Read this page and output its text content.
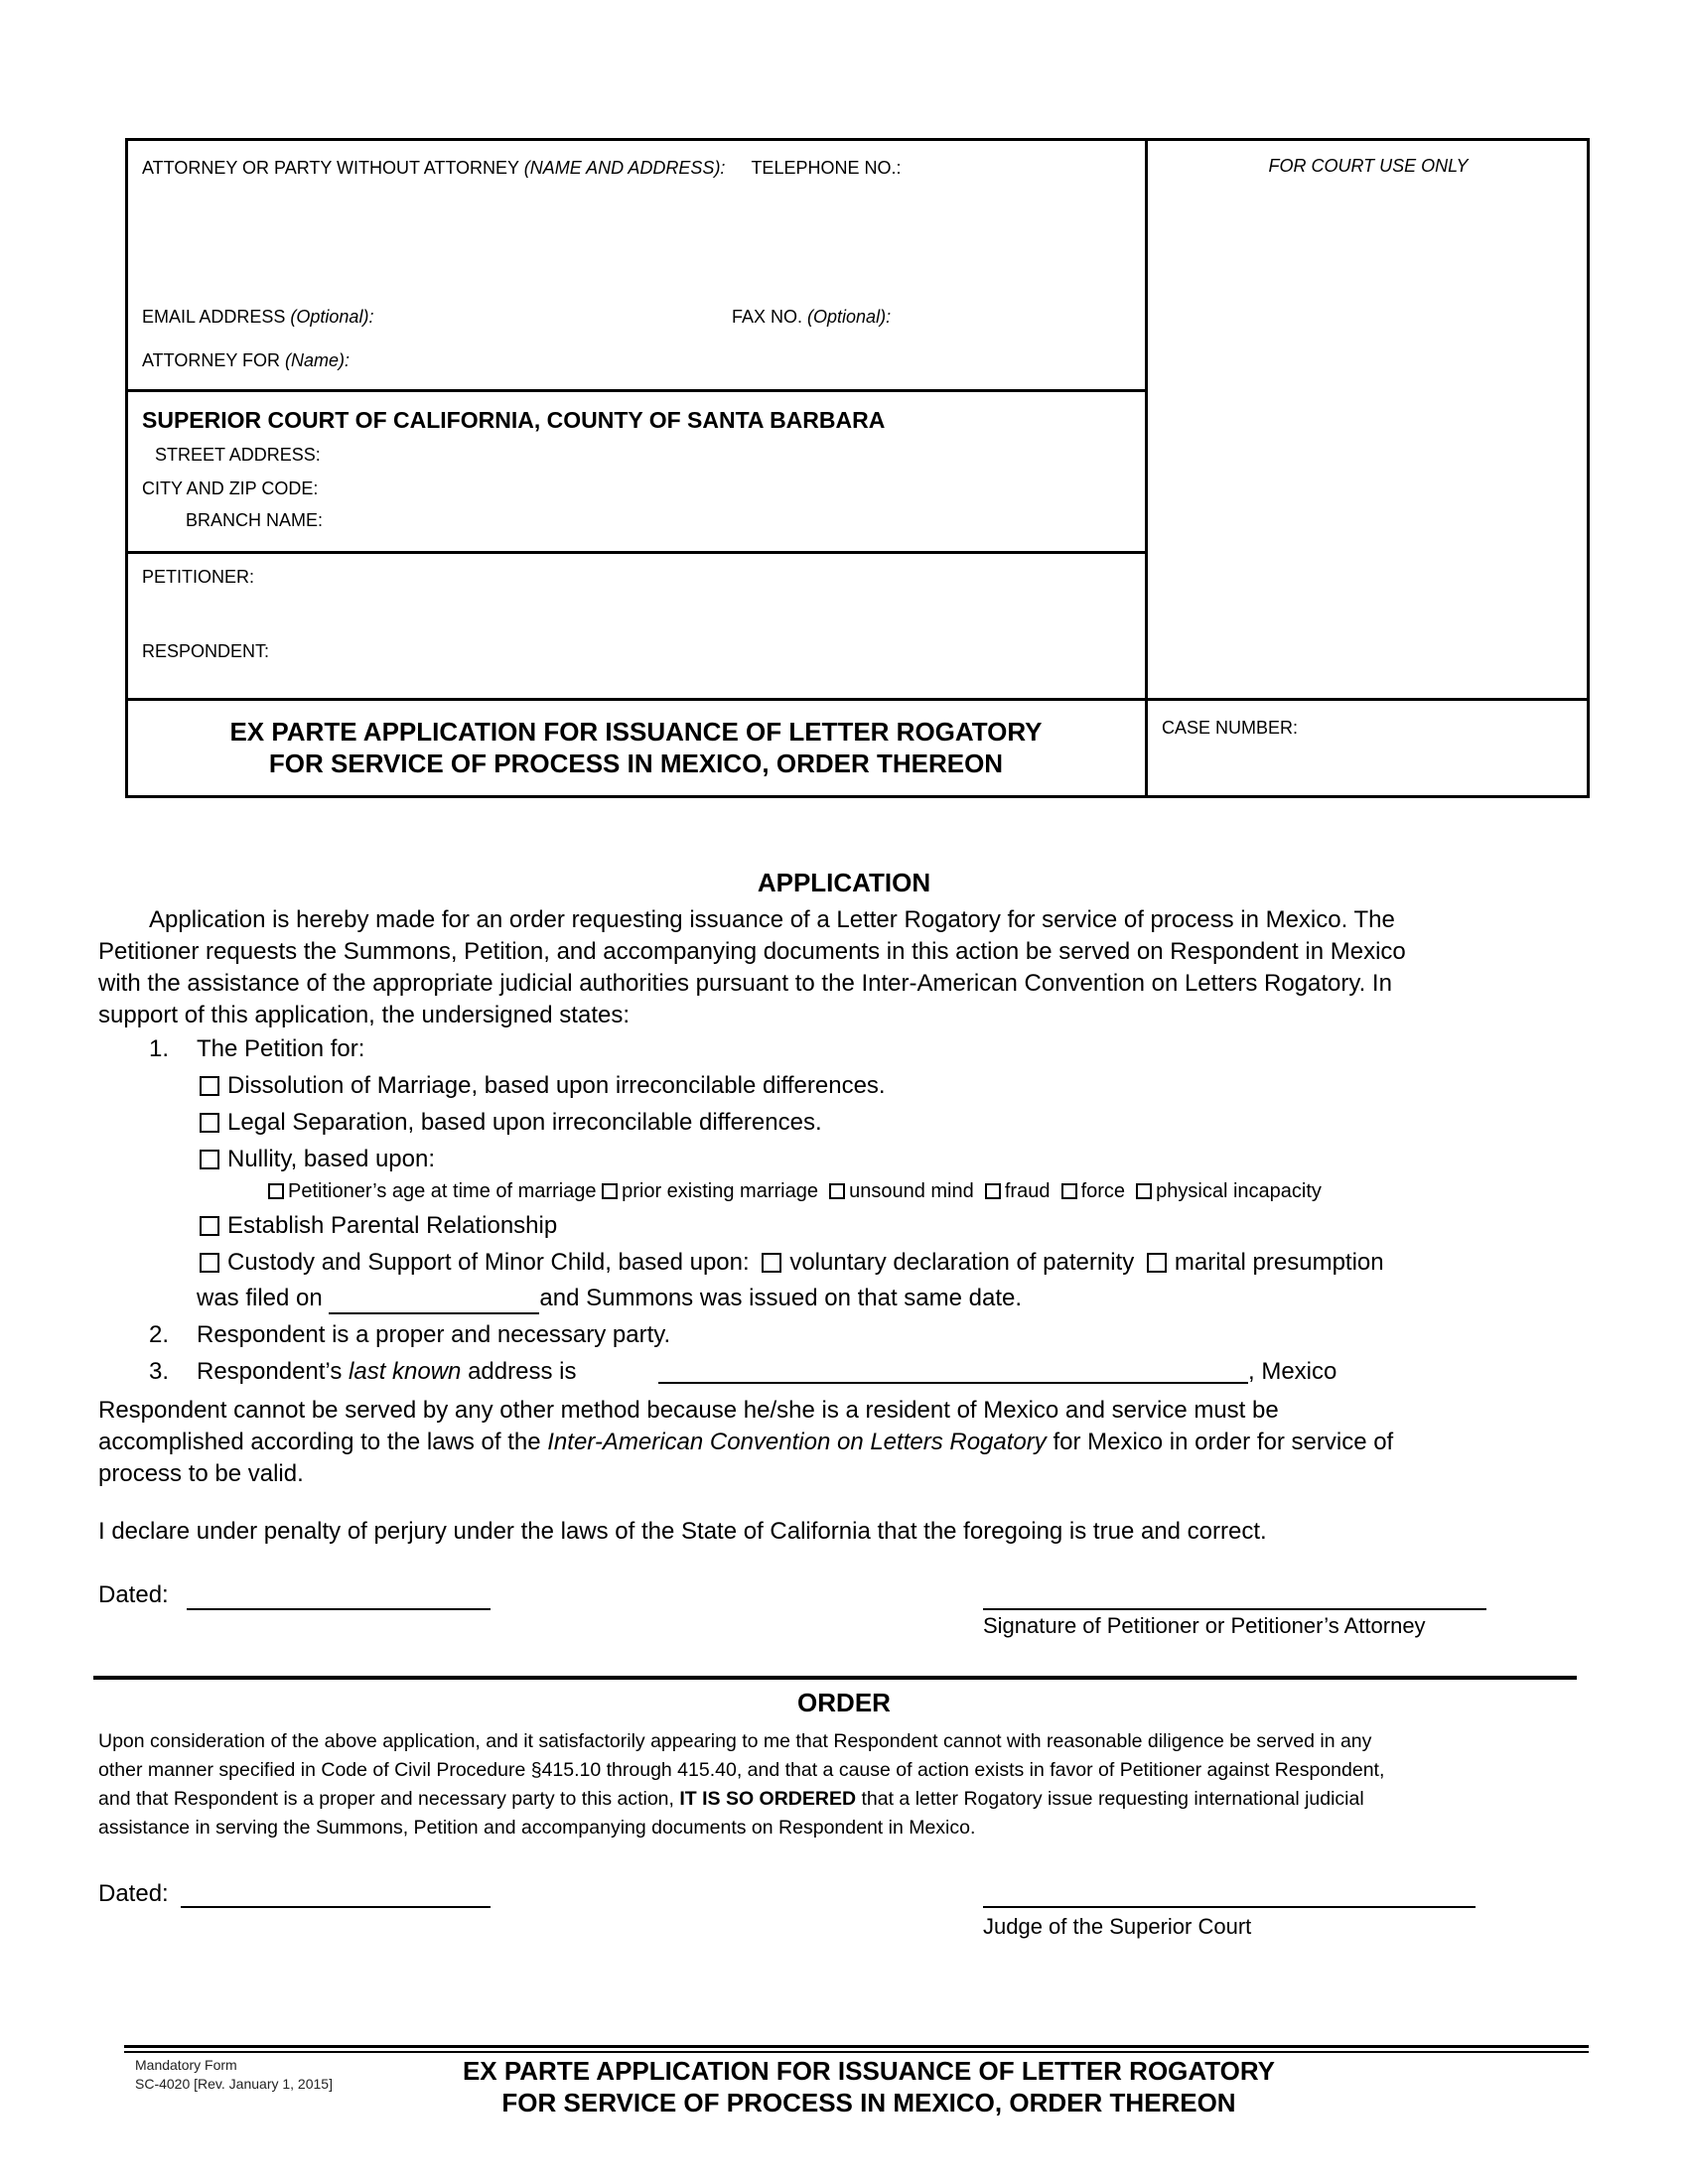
ATTORNEY OR PARTY WITHOUT ATTORNEY (NAME AND ADDRESS): TELEPHONE NO.:	FOR COURT USE ONLY
EMAIL ADDRESS (Optional):	FAX NO. (Optional):
ATTORNEY FOR (Name):
SUPERIOR COURT OF CALIFORNIA, COUNTY OF SANTA BARBARA
STREET ADDRESS:
CITY AND ZIP CODE:
BRANCH NAME:
PETITIONER:
RESPONDENT:
EX PARTE APPLICATION FOR ISSUANCE OF LETTER ROGATORY
FOR SERVICE OF PROCESS IN MEXICO, ORDER THEREON
CASE NUMBER:
APPLICATION
Application is hereby made for an order requesting issuance of a Letter Rogatory for service of process in Mexico. The
Petitioner requests the Summons, Petition, and accompanying documents in this action be served on Respondent in Mexico
with the assistance of the appropriate judicial authorities pursuant to the Inter-American Convention on Letters Rogatory. In
support of this application, the undersigned states:
1. The Petition for:
Dissolution of Marriage, based upon irreconcilable differences.
Legal Separation, based upon irreconcilable differences.
Nullity, based upon:
Petitioner’s age at time of marriage prior existing marriage unsound mind fraud force physical incapacity
Establish Parental Relationship
Custody and Support of Minor Child, based upon: voluntary declaration of paternity marital presumption
was filed on	and Summons was issued on that same date.
2. Respondent is a proper and necessary party.
3. Respondent’s last known address is	, Mexico
Respondent cannot be served by any other method because he/she is a resident of Mexico and service must be
accomplished according to the laws of the Inter-American Convention on Letters Rogatory for Mexico in order for service of
process to be valid.
I declare under penalty of perjury under the laws of the State of California that the foregoing is true and correct.
Dated:
Signature of Petitioner or Petitioner’s Attorney
ORDER
Upon consideration of the above application, and it satisfactorily appearing to me that Respondent cannot with reasonable diligence be served in any
other manner specified in Code of Civil Procedure §415.10 through 415.40, and that a cause of action exists in favor of Petitioner against Respondent,
and that Respondent is a proper and necessary party to this action, IT IS SO ORDERED that a letter Rogatory issue requesting international judicial
assistance in serving the Summons, Petition and accompanying documents on Respondent in Mexico.
Dated:
Judge of the Superior Court
Mandatory Form
SC-4020 [Rev. January 1, 2015]	EX PARTE APPLICATION FOR ISSUANCE OF LETTER ROGATORY
FOR SERVICE OF PROCESS IN MEXICO, ORDER THEREON
